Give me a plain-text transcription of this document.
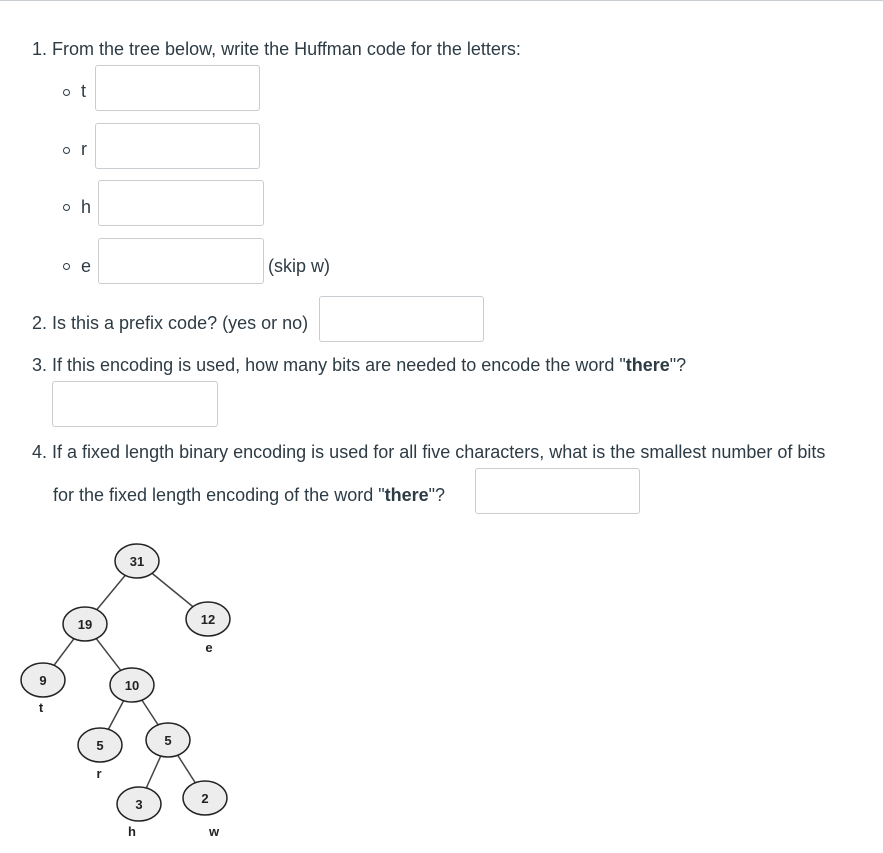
1. From the tree below, write the Huffman code for the letters:
t
r
h
e	(skip w)
2. Is this a prefix code? (yes or no)
3. If this encoding is used, how many bits are needed to encode the word "there"?
4. If a fixed length binary encoding is used for all five characters, what is the smallest number of bits
for the fixed length encoding of the word "there"?
31
19	12
e
9
t
10
5
r
5
3
h
2
w
